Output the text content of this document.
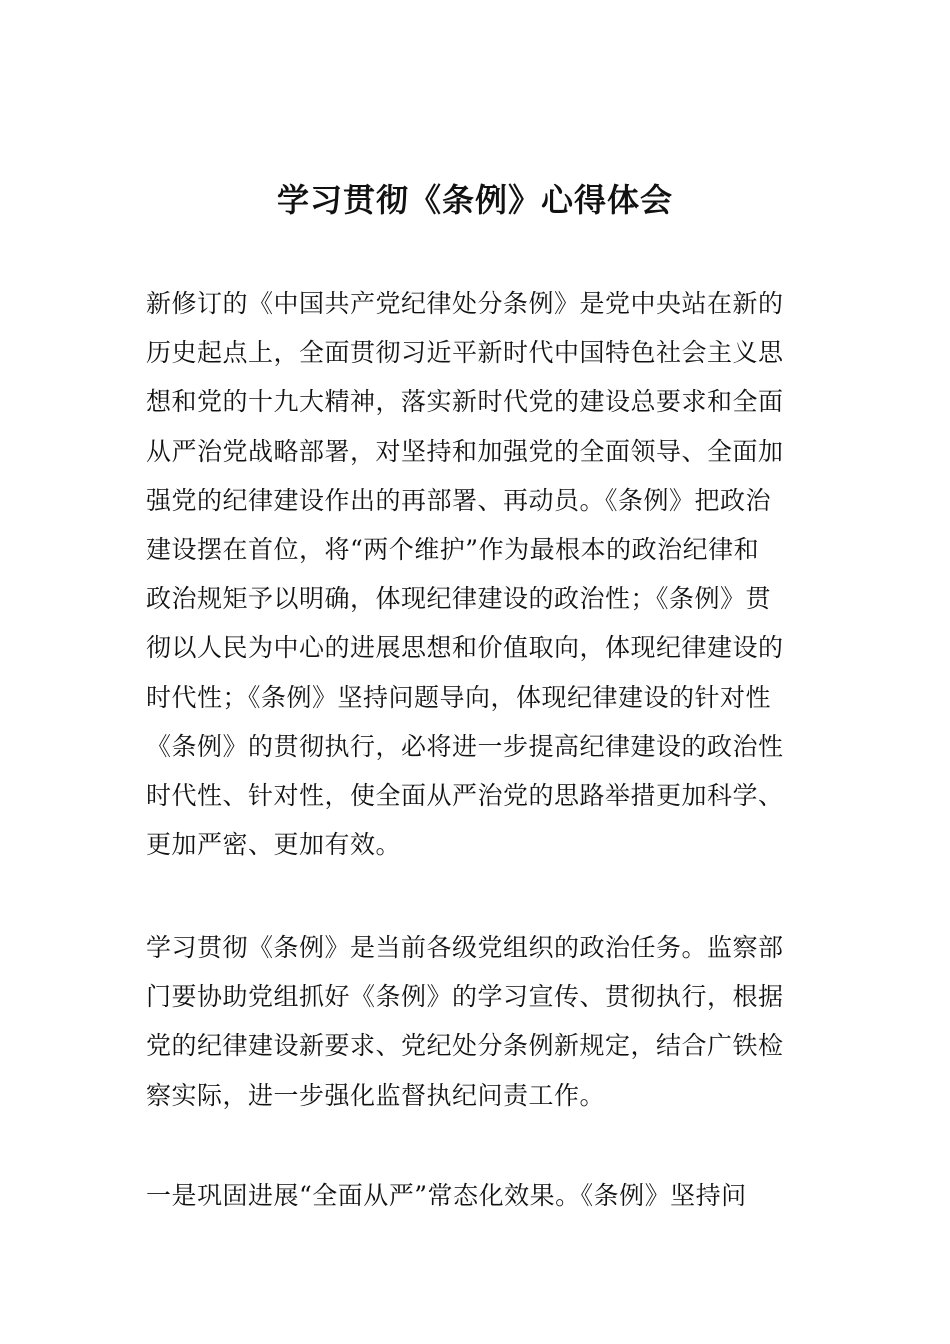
学习贯彻《条例》心得体会
新修订的《中国共产党纪律处分条例》是党中央站在新的
历史起点上，全面贯彻习近平新时代中国特色社会主义思
想和党的十九大精神，落实新时代党的建设总要求和全面
从严治党战略部署，对坚持和加强党的全面领导、全面加
强党的纪律建设作出的再部署、再动员。《条例》把政治
建设摆在首位，将“两个维护”作为最根本的政治纪律和
政治规矩予以明确，体现纪律建设的政治性；《条例》贯
彻以人民为中心的进展思想和价值取向，体现纪律建设的
时代性；《条例》坚持问题导向，体现纪律建设的针对性
《条例》的贯彻执行，必将进一步提高纪律建设的政治性
时代性、针对性，使全面从严治党的思路举措更加科学、
更加严密、更加有效。
学习贯彻《条例》是当前各级党组织的政治任务。监察部
门要协助党组抓好《条例》的学习宣传、贯彻执行，根据
党的纪律建设新要求、党纪处分条例新规定，结合广铁检
察实际，进一步强化监督执纪问责工作。
一是巩固进展“全面从严”常态化效果。《条例》坚持问
